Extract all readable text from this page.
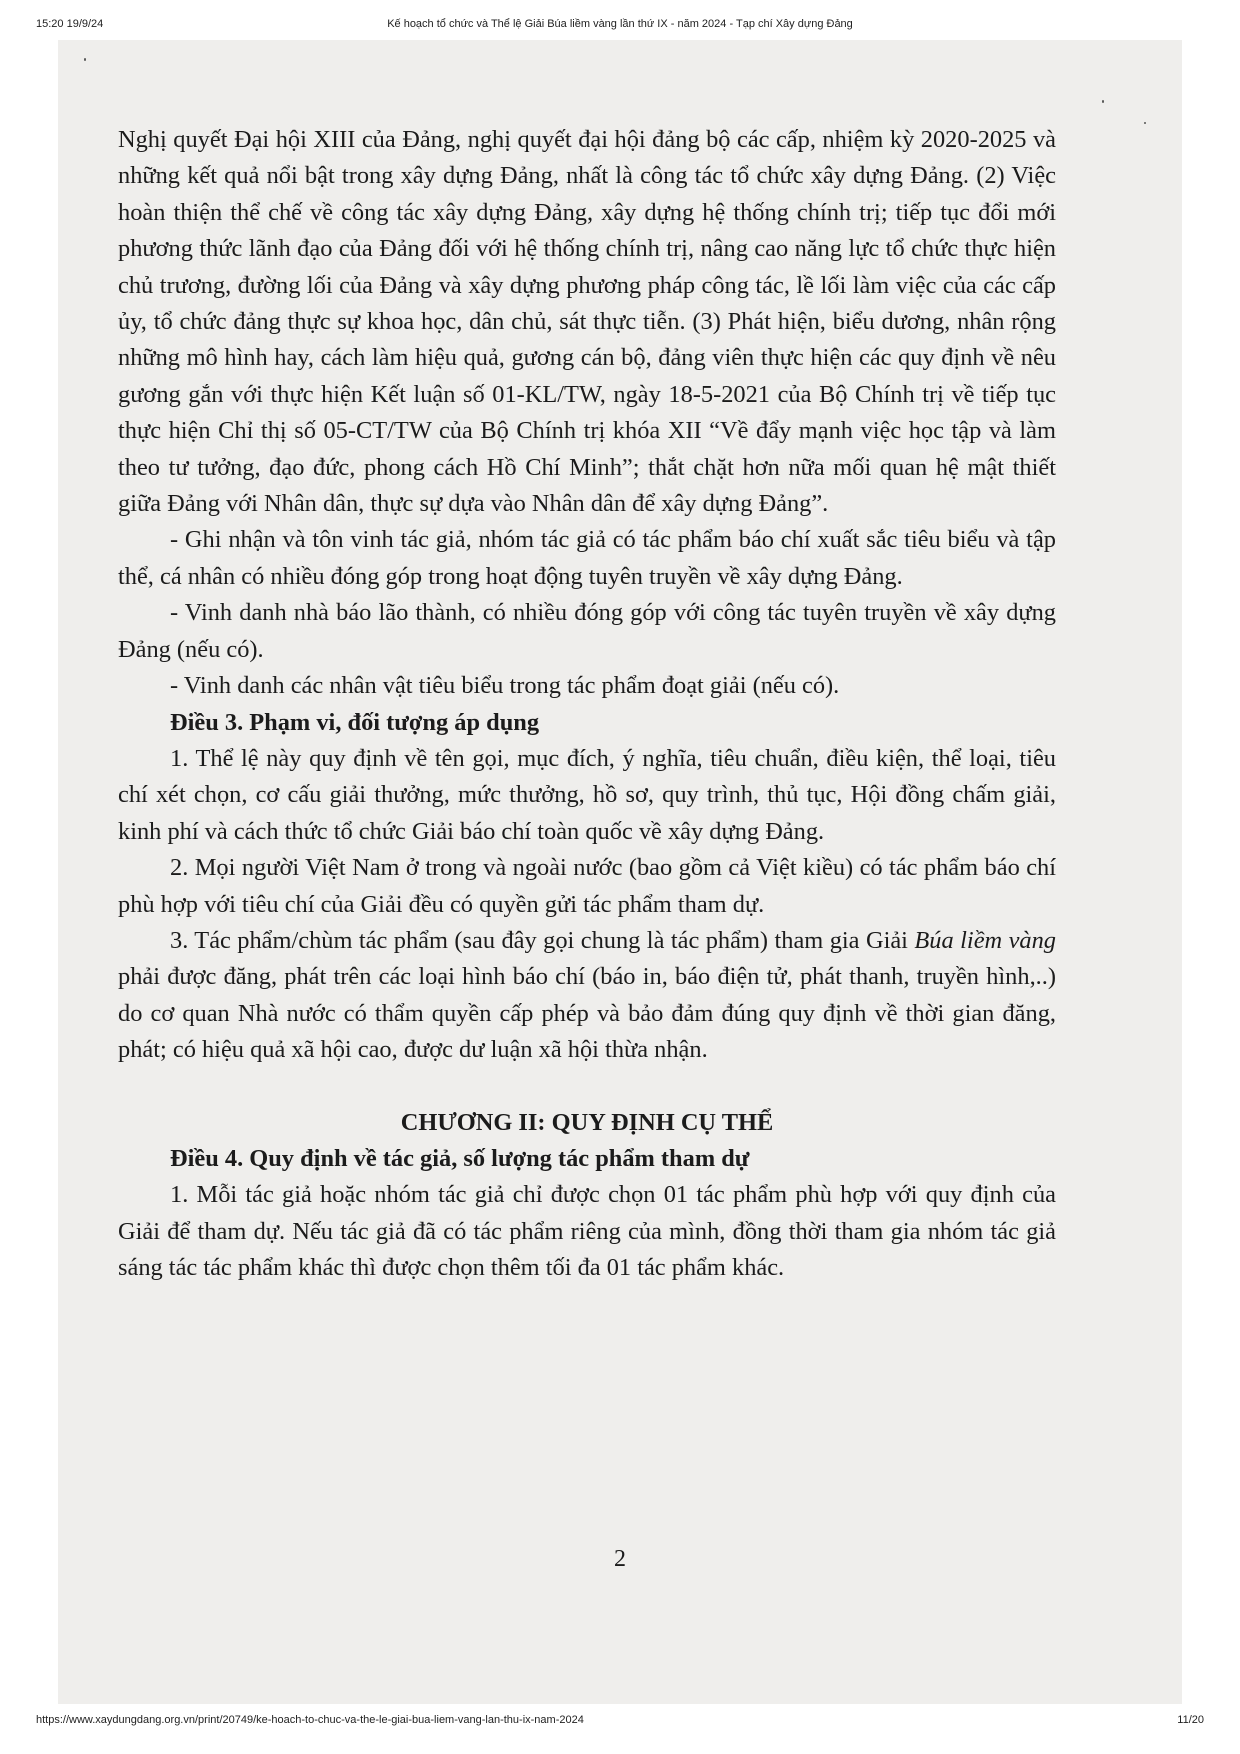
15:20 19/9/24	Kế hoạch tổ chức và Thể lệ Giải Búa liềm vàng lần thứ IX - năm 2024 - Tạp chí Xây dựng Đảng

Nghị quyết Đại hội XIII của Đảng, nghị quyết đại hội đảng bộ các cấp, nhiệm kỳ 2020-2025 và những kết quả nổi bật trong xây dựng Đảng, nhất là công tác tổ chức xây dựng Đảng. (2) Việc hoàn thiện thể chế về công tác xây dựng Đảng, xây dựng hệ thống chính trị; tiếp tục đổi mới phương thức lãnh đạo của Đảng đối với hệ thống chính trị, nâng cao năng lực tổ chức thực hiện chủ trương, đường lối của Đảng và xây dựng phương pháp công tác, lề lối làm việc của các cấp ủy, tổ chức đảng thực sự khoa học, dân chủ, sát thực tiễn. (3) Phát hiện, biểu dương, nhân rộng những mô hình hay, cách làm hiệu quả, gương cán bộ, đảng viên thực hiện các quy định về nêu gương gắn với thực hiện Kết luận số 01-KL/TW, ngày 18-5-2021 của Bộ Chính trị về tiếp tục thực hiện Chỉ thị số 05-CT/TW của Bộ Chính trị khóa XII “Về đẩy mạnh việc học tập và làm theo tư tưởng, đạo đức, phong cách Hồ Chí Minh”; thắt chặt hơn nữa mối quan hệ mật thiết giữa Đảng với Nhân dân, thực sự dựa vào Nhân dân để xây dựng Đảng”.

- Ghi nhận và tôn vinh tác giả, nhóm tác giả có tác phẩm báo chí xuất sắc tiêu biểu và tập thể, cá nhân có nhiều đóng góp trong hoạt động tuyên truyền về xây dựng Đảng.

- Vinh danh nhà báo lão thành, có nhiều đóng góp với công tác tuyên truyền về xây dựng Đảng (nếu có).

- Vinh danh các nhân vật tiêu biểu trong tác phẩm đoạt giải (nếu có).

Điều 3. Phạm vi, đối tượng áp dụng

1. Thể lệ này quy định về tên gọi, mục đích, ý nghĩa, tiêu chuẩn, điều kiện, thể loại, tiêu chí xét chọn, cơ cấu giải thưởng, mức thưởng, hồ sơ, quy trình, thủ tục, Hội đồng chấm giải, kinh phí và cách thức tổ chức Giải báo chí toàn quốc về xây dựng Đảng.

2. Mọi người Việt Nam ở trong và ngoài nước (bao gồm cả Việt kiều) có tác phẩm báo chí phù hợp với tiêu chí của Giải đều có quyền gửi tác phẩm tham dự.

3. Tác phẩm/chùm tác phẩm (sau đây gọi chung là tác phẩm) tham gia Giải Búa liềm vàng phải được đăng, phát trên các loại hình báo chí (báo in, báo điện tử, phát thanh, truyền hình,..) do cơ quan Nhà nước có thẩm quyền cấp phép và bảo đảm đúng quy định về thời gian đăng, phát; có hiệu quả xã hội cao, được dư luận xã hội thừa nhận.

CHƯƠNG II: QUY ĐỊNH CỤ THỂ

Điều 4. Quy định về tác giả, số lượng tác phẩm tham dự

1. Mỗi tác giả hoặc nhóm tác giả chỉ được chọn 01 tác phẩm phù hợp với quy định của Giải để tham dự. Nếu tác giả đã có tác phẩm riêng của mình, đồng thời tham gia nhóm tác giả sáng tác tác phẩm khác thì được chọn thêm tối đa 01 tác phẩm khác.

2
https://www.xaydungdang.org.vn/print/20749/ke-hoach-to-chuc-va-the-le-giai-bua-liem-vang-lan-thu-ix-nam-2024	11/20
